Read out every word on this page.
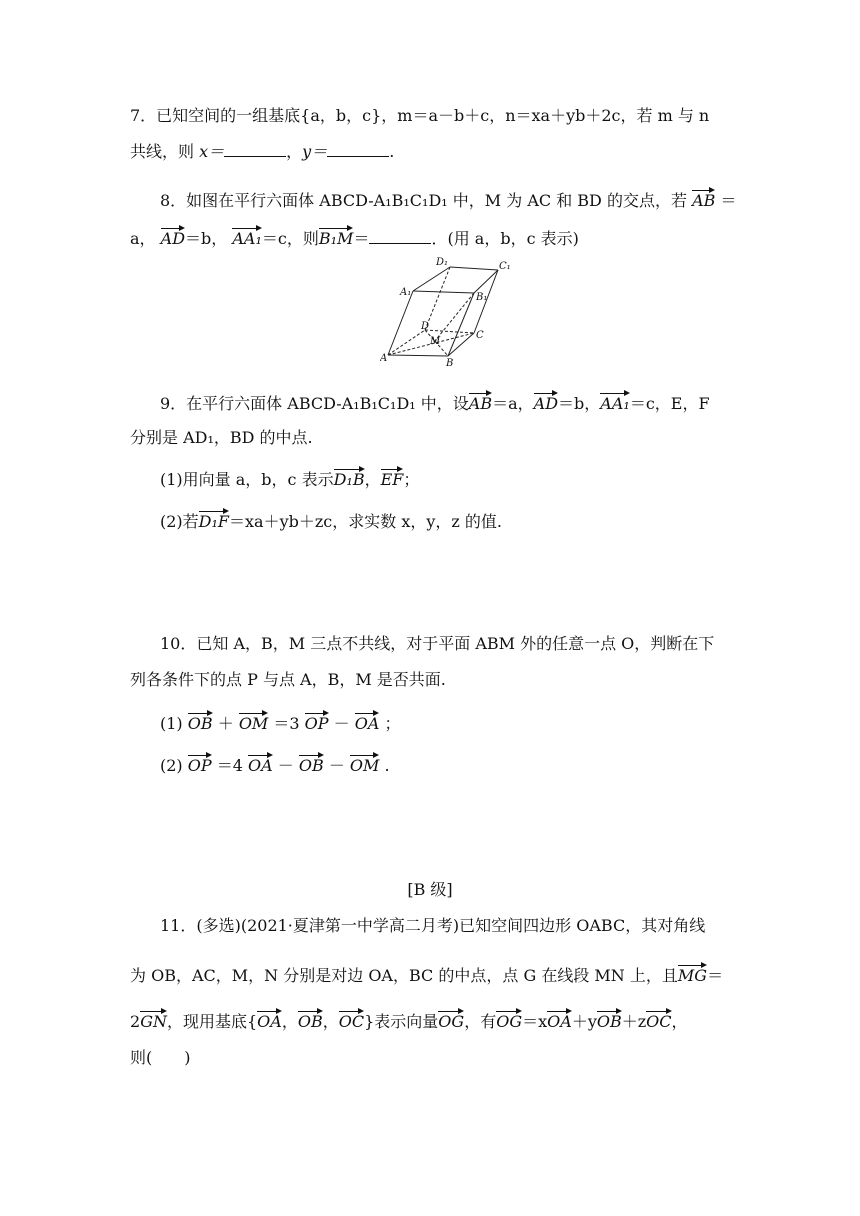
7．已知空间的一组基底{a，b，c}，m＝a－b＋c，n＝xa＋yb＋2c，若 m 与 n
共线，则 x＝	，y＝	.
8．如图在平行六面体 ABCD-A₁B₁C₁D₁ 中，M 为 AC 和 BD 的交点，若 AB ＝
a， AD＝b， AA₁＝c，则B₁M＝	．(用 a，b，c 表示)
D₁	C₁
A₁	B₁
D
M
C
A	B
9．在平行六面体 ABCD-A₁B₁C₁D₁ 中，设AB＝a，AD＝b，AA₁＝c，E，F
分别是 AD₁，BD 的中点.
(1)用向量 a，b，c 表示D₁B，EF；
(2)若D₁F＝xa＋yb＋zc，求实数 x，y，z 的值.
10．已知 A，B，M 三点不共线，对于平面 ABM 外的任意一点 O，判断在下
列各条件下的点 P 与点 A，B，M 是否共面.
(1) OB ＋ OM ＝3 OP － OA ；
(2) OP ＝4 OA － OB － OM .
[B 级]
11．(多选)(2021·夏津第一中学高二月考)已知空间四边形 OABC，其对角线
为 OB，AC，M，N 分别是对边 OA，BC 的中点，点 G 在线段 MN 上，且MG＝
2GN，现用基底{OA，OB，OC}表示向量OG，有OG＝xOA＋yOB＋zOC，
则(　　)
